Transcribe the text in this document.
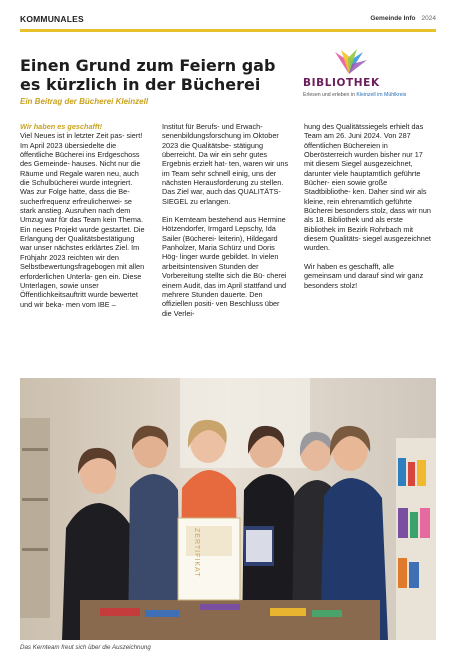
KOMMUNALES	Gemeinde Info 2024
Einen Grund zum Feiern gab es kürzlich in der Bücherei
Ein Beitrag der Bücherei Kleinzell
BIBLIOTHEK
Erlesen und erleben in Kleinzell im Mühlkreis

Wir haben es geschafft!

Viel Neues ist in letzter Zeit pas- siert! Im April 2023 übersiedelte die öffentliche Bücherei ins Erdgeschoss des Gemeinde- hauses. Nicht nur die Räume und Regale waren neu, auch die Schulbücherei wurde integriert. Was zur Folge hatte, dass die Be- sucherfrequenz erfreulicherwei- se stark anstieg. Ausruhen nach dem Umzug war für das Team kein Thema. Ein neues Projekt wurde gestartet. Die Erlangung der Qualitätsbestätigung war unser nächstes erklärtes Ziel. Im Frühjahr 2023 reichten wir den Selbstbewertungsfragebogen mit allen erforderlichen Unterla- gen ein. Diese Unterlagen, sowie unser Öffentlichkeitsauftritt wurde bewertet und wir beka- men vom IBE –

Institut für Berufs- und Erwach- senenbildungsforschung im Oktober 2023 die Qualitätsbe- stätigung überreicht. Da wir ein sehr gutes Ergebnis erzielt hat- ten, waren wir uns im Team sehr schnell einig, uns der nächsten Herausforderung zu stellen. Das Ziel war, auch das QUALITÄTS- SIEGEL zu erlangen.

Ein Kernteam bestehend aus Hermine Hötzendorfer, Irmgard Lepschy, Ida Sailer (Bücherei- leiterin), Hildegard Panholzer, Maria Schürz und Doris Hög- linger wurde gebildet. In vielen arbeitsintensiven Stunden der Vorbereitung stellte sich die Bü- cherei einem Audit, das im April stattfand und mehrere Stunden dauerte. Den offiziellen positi- ven Beschluss über die Verlei-

hung des Qualitätssiegels erhielt das Team am 26. Juni 2024. Von 287 öffentlichen Büchereien in Oberösterreich wurden bisher nur 17 mit diesem Siegel ausgezeichnet, darunter viele hauptamtlich geführte Bücher- eien sowie große Stadtbibliothe- ken. Daher sind wir als kleine, rein ehrenamtlich geführte Bücherei besonders stolz, dass wir nun als 18. Bibliothek und als erste Bibliothek im Bezirk Rohrbach mit diesem Qualitäts- siegel ausgezeichnet wurden.

Wir haben es geschafft, alle gemeinsam und darauf sind wir ganz besonders stolz!

ZERTIFIKAT
Das Kernteam freut sich über die Auszeichnung
